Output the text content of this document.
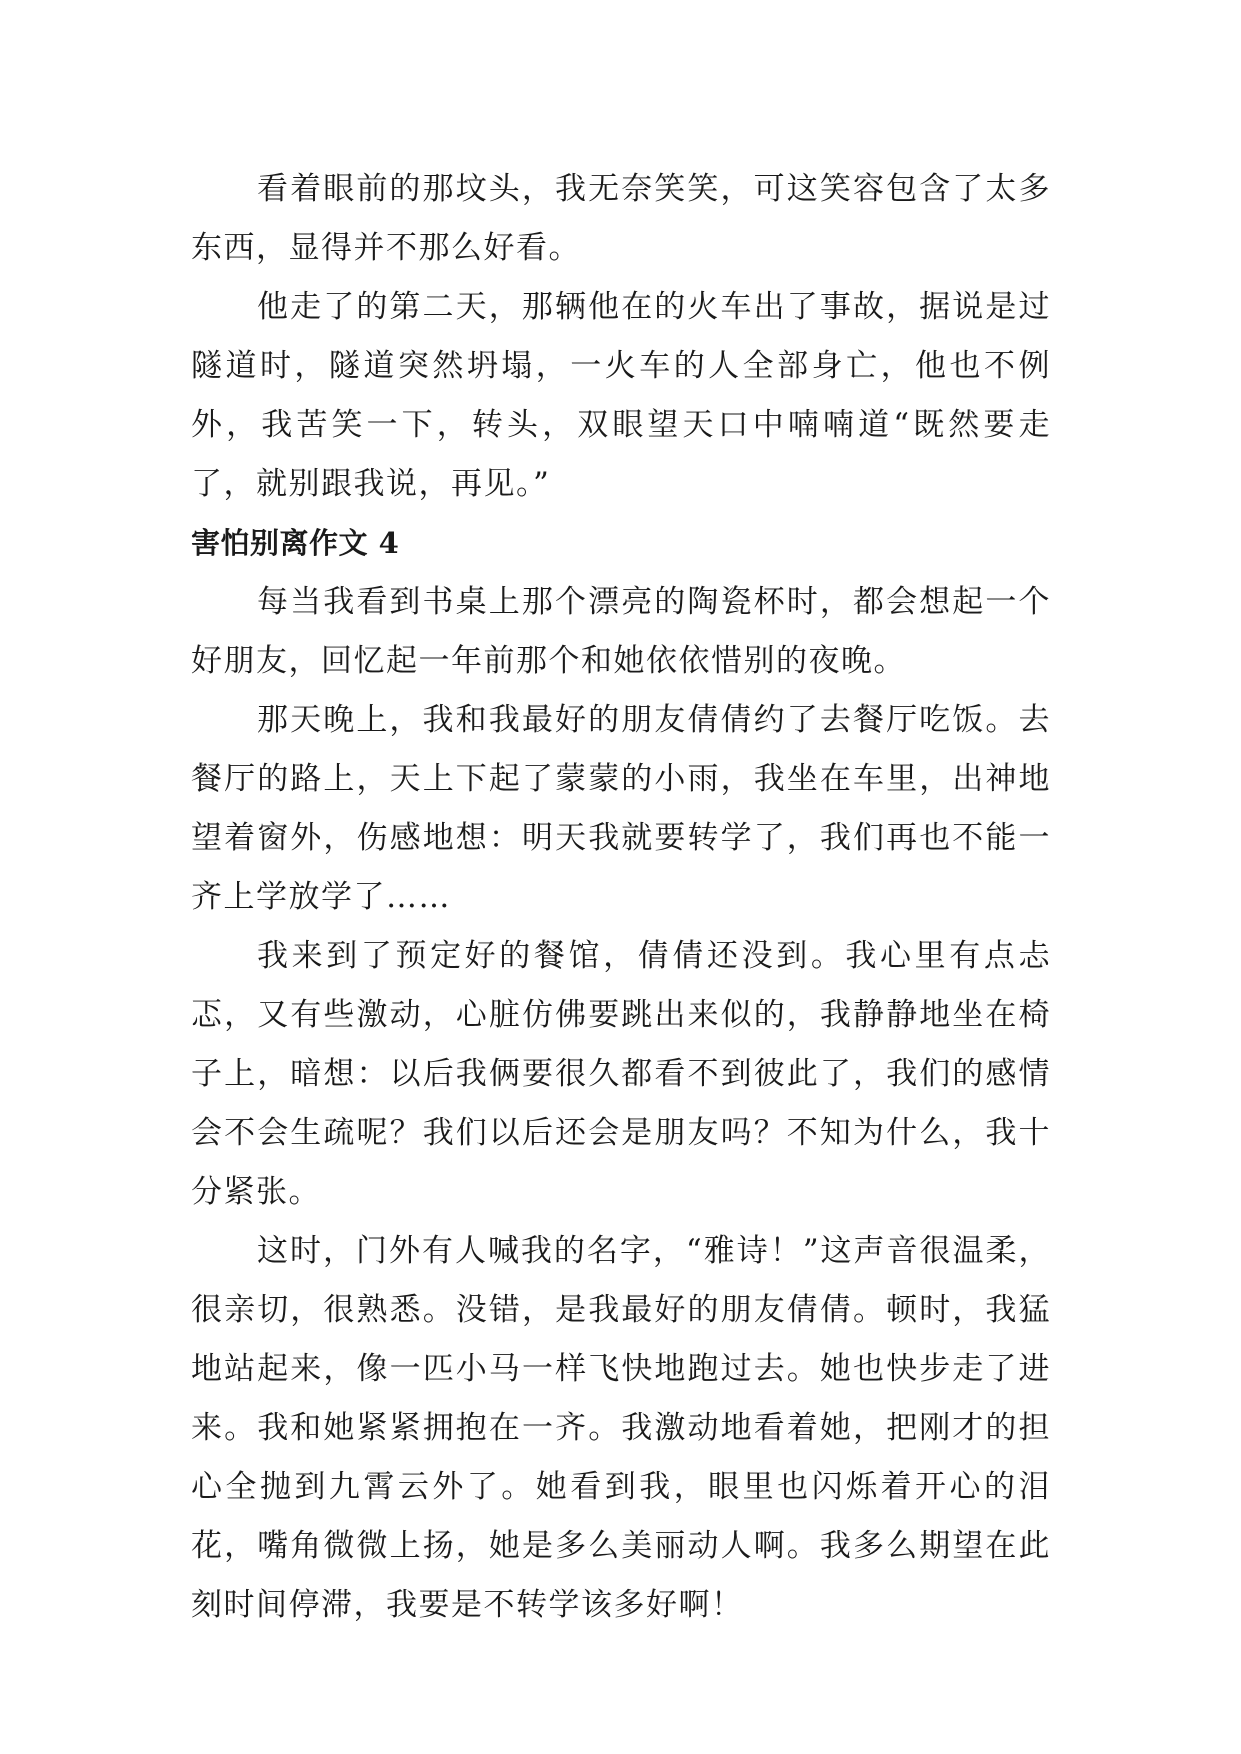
看着眼前的那坟头，我无奈笑笑，可这笑容包含了太多东西，显得并不那么好看。

他走了的第二天，那辆他在的火车出了事故，据说是过隧道时，隧道突然坍塌，一火车的人全部身亡，他也不例外，我苦笑一下，转头，双眼望天口中喃喃道“既然要走了，就别跟我说，再见。”

害怕别离作文 4

每当我看到书桌上那个漂亮的陶瓷杯时，都会想起一个好朋友，回忆起一年前那个和她依依惜别的夜晚。

那天晚上，我和我最好的朋友倩倩约了去餐厅吃饭。去餐厅的路上，天上下起了蒙蒙的小雨，我坐在车里，出神地望着窗外，伤感地想：明天我就要转学了，我们再也不能一齐上学放学了……

我来到了预定好的餐馆，倩倩还没到。我心里有点忐忑，又有些激动，心脏仿佛要跳出来似的，我静静地坐在椅子上，暗想：以后我俩要很久都看不到彼此了，我们的感情会不会生疏呢？我们以后还会是朋友吗？不知为什么，我十分紧张。

这时，门外有人喊我的名字，“雅诗！”这声音很温柔，很亲切，很熟悉。没错，是我最好的朋友倩倩。顿时，我猛地站起来，像一匹小马一样飞快地跑过去。她也快步走了进来。我和她紧紧拥抱在一齐。我激动地看着她，把刚才的担心全抛到九霄云外了。她看到我，眼里也闪烁着开心的泪花，嘴角微微上扬，她是多么美丽动人啊。我多么期望在此刻时间停滞，我要是不转学该多好啊！
